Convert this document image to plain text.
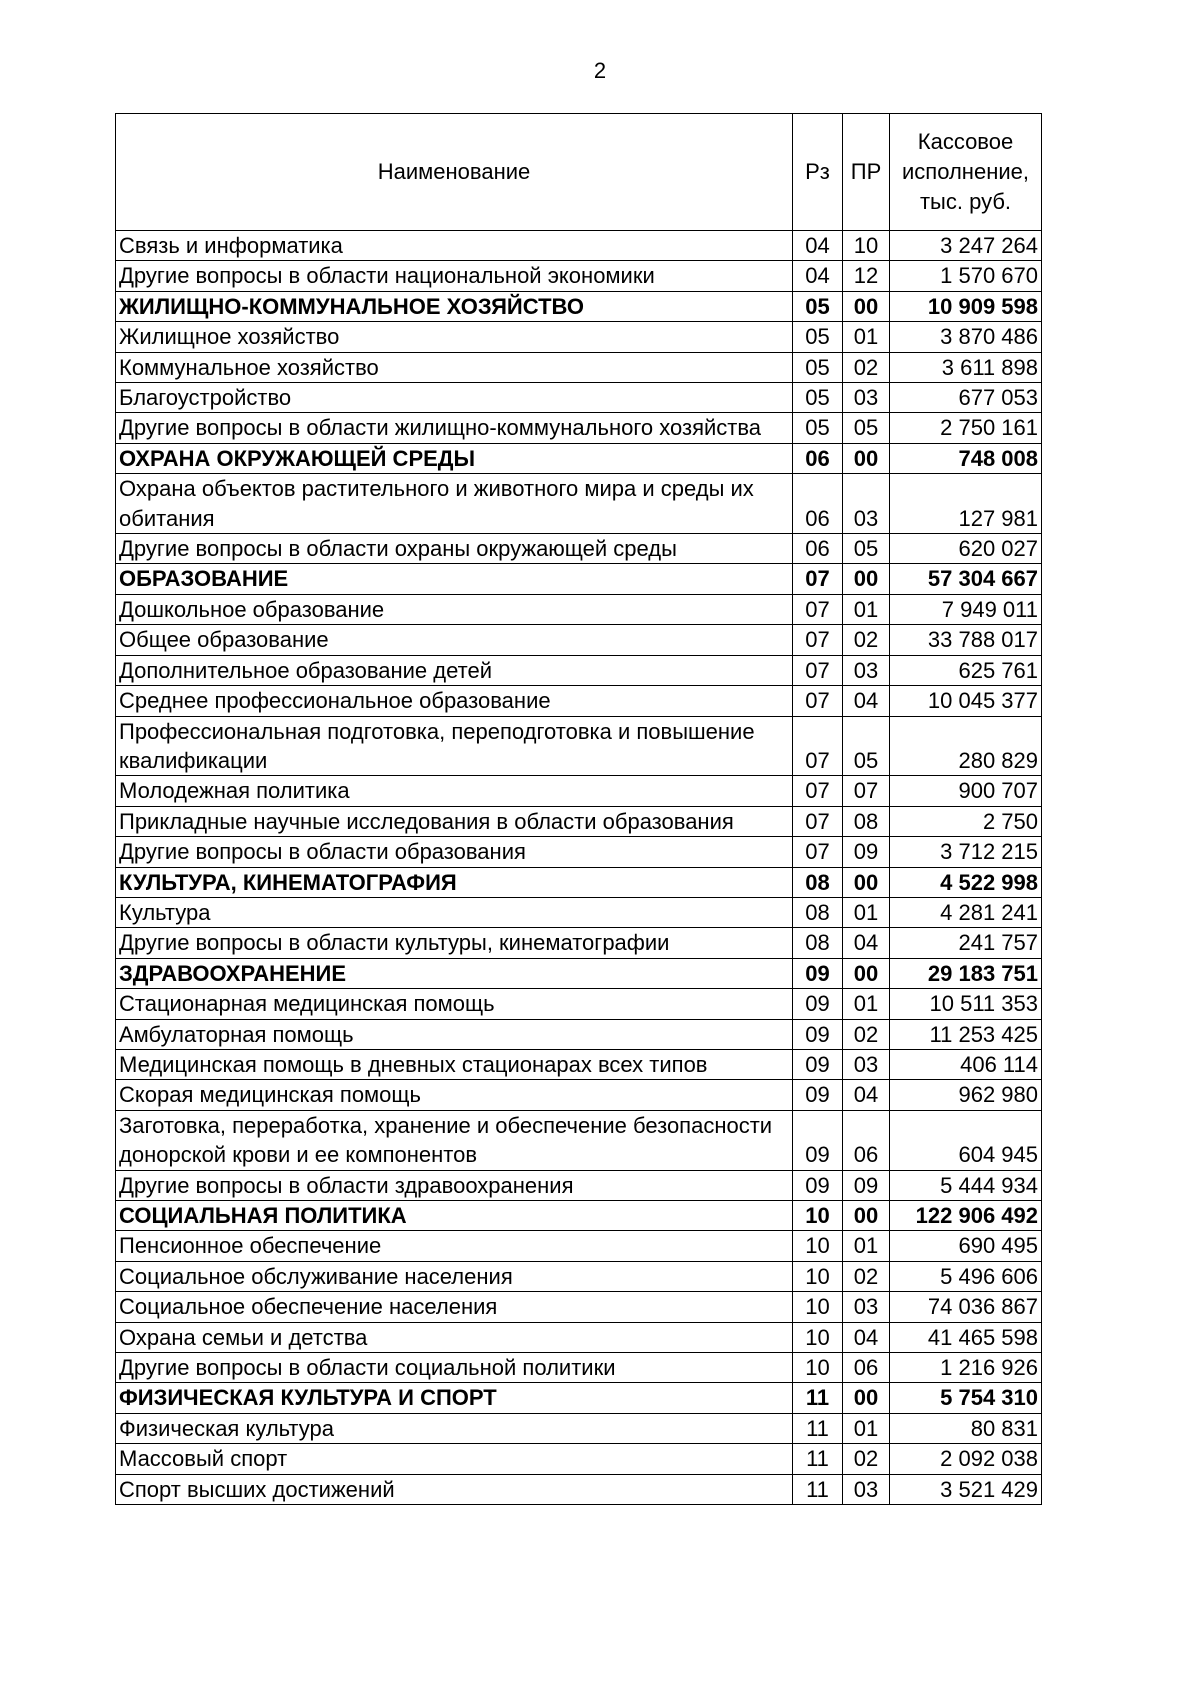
2
Наименование	Рз	ПР	Кассовое исполнение, тыс. руб.
Связь и информатика	04	10	3 247 264
Другие вопросы в области национальной экономики	04	12	1 570 670
ЖИЛИЩНО-КОММУНАЛЬНОЕ ХОЗЯЙСТВО	05	00	10 909 598
Жилищное хозяйство	05	01	3 870 486
Коммунальное хозяйство	05	02	3 611 898
Благоустройство	05	03	677 053
Другие вопросы в области жилищно-коммунального хозяйства	05	05	2 750 161
ОХРАНА ОКРУЖАЮЩЕЙ СРЕДЫ	06	00	748 008
Охрана объектов растительного и животного мира и среды их обитания	06	03	127 981
Другие вопросы в области охраны окружающей среды	06	05	620 027
ОБРАЗОВАНИЕ	07	00	57 304 667
Дошкольное образование	07	01	7 949 011
Общее образование	07	02	33 788 017
Дополнительное образование детей	07	03	625 761
Среднее профессиональное образование	07	04	10 045 377
Профессиональная подготовка, переподготовка и повышение квалификации	07	05	280 829
Молодежная политика	07	07	900 707
Прикладные научные исследования в области образования	07	08	2 750
Другие вопросы в области образования	07	09	3 712 215
КУЛЬТУРА, КИНЕМАТОГРАФИЯ	08	00	4 522 998
Культура	08	01	4 281 241
Другие вопросы в области культуры, кинематографии	08	04	241 757
ЗДРАВООХРАНЕНИЕ	09	00	29 183 751
Стационарная медицинская помощь	09	01	10 511 353
Амбулаторная помощь	09	02	11 253 425
Медицинская помощь в дневных стационарах всех типов	09	03	406 114
Скорая медицинская помощь	09	04	962 980
Заготовка, переработка, хранение и обеспечение безопасности донорской крови и ее компонентов	09	06	604 945
Другие вопросы в области здравоохранения	09	09	5 444 934
СОЦИАЛЬНАЯ ПОЛИТИКА	10	00	122 906 492
Пенсионное обеспечение	10	01	690 495
Социальное обслуживание населения	10	02	5 496 606
Социальное обеспечение населения	10	03	74 036 867
Охрана семьи и детства	10	04	41 465 598
Другие вопросы в области социальной политики	10	06	1 216 926
ФИЗИЧЕСКАЯ КУЛЬТУРА И СПОРТ	11	00	5 754 310
Физическая культура	11	01	80 831
Массовый спорт	11	02	2 092 038
Спорт высших достижений	11	03	3 521 429
